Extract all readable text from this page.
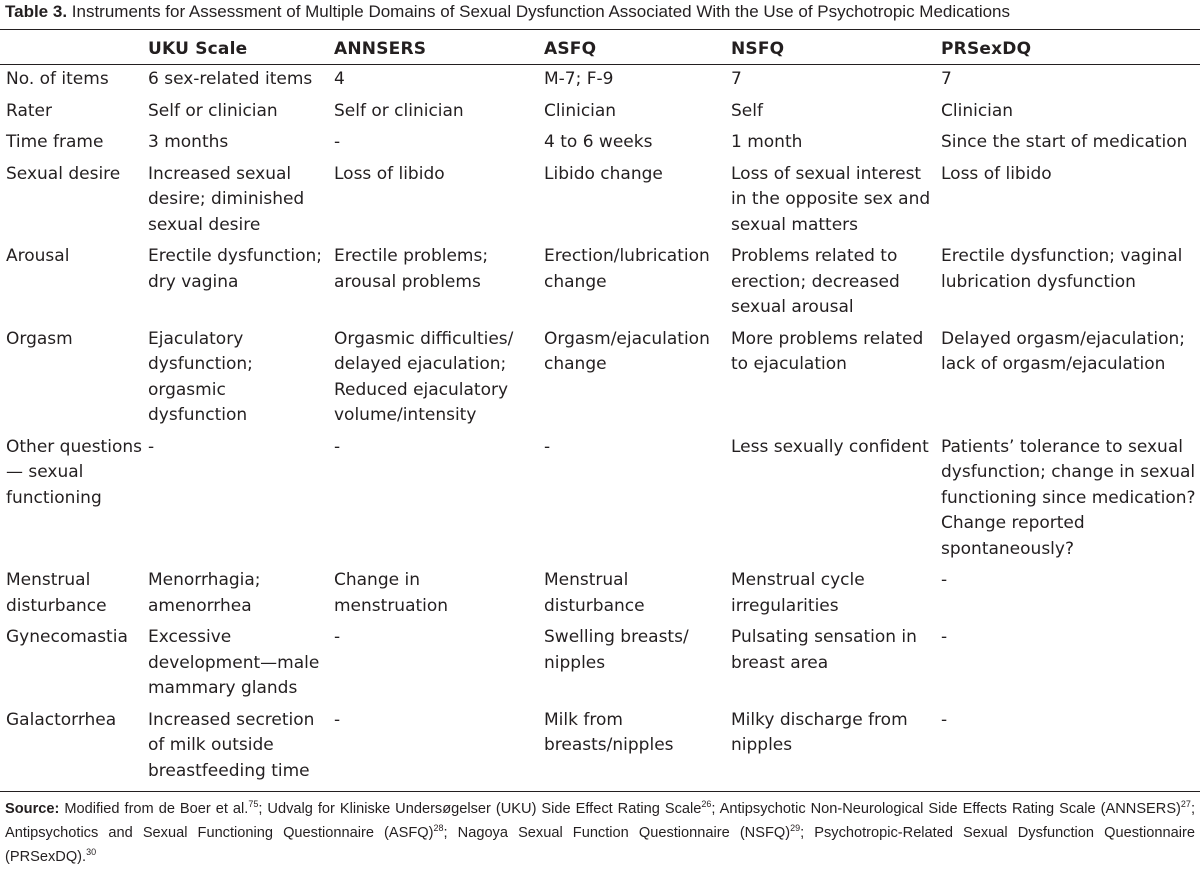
Table 3. Instruments for Assessment of Multiple Domains of Sexual Dysfunction Associated With the Use of Psychotropic Medications
	UKU Scale	ANNSERS	ASFQ	NSFQ	PRSexDQ
No. of items	6 sex-related items	4	M-7; F-9	7	7
Rater	Self or clinician	Self or clinician	Clinician	Self	Clinician
Time frame	3 months	-	4 to 6 weeks	1 month	Since the start of medication
Sexual desire	Increased sexual desire; diminished sexual desire	Loss of libido	Libido change	Loss of sexual interest in the opposite sex and sexual matters	Loss of libido
Arousal	Erectile dysfunction; dry vagina	Erectile problems; arousal problems	Erection/lubrication change	Problems related to erection; decreased sexual arousal	Erectile dysfunction; vaginal lubrication dysfunction
Orgasm	Ejaculatory dysfunction; orgasmic dysfunction	Orgasmic difficulties/ delayed ejaculation; Reduced ejaculatory volume/intensity	Orgasm/ejaculation change	More problems related to ejaculation	Delayed orgasm/ejaculation; lack of orgasm/ejaculation
Other questions— sexual functioning	-	-	-	Less sexually confident	Patients’ tolerance to sexual dysfunction; change in sexual functioning since medication? Change reported spontaneously?
Menstrual disturbance	Menorrhagia; amenorrhea	Change in menstruation	Menstrual disturbance	Menstrual cycle irregularities	-
Gynecomastia	Excessive development—male mammary glands	-	Swelling breasts/ nipples	Pulsating sensation in breast area	-
Galactorrhea	Increased secretion of milk outside breastfeeding time	-	Milk from breasts/nipples	Milky discharge from nipples	-
Source: Modified from de Boer et al.$^{75}$; Udvalg for Kliniske Undersøgelser (UKU) Side Effect Rating Scale$^{26}$; Antipsychotic Non-Neurological Side Effects Rating Scale (ANNSERS)$^{27}$; Antipsychotics and Sexual Functioning Questionnaire (ASFQ)$^{28}$; Nagoya Sexual Function Questionnaire (NSFQ)$^{29}$; Psychotropic-Related Sexual Dysfunction Questionnaire (PRSexDQ).$^{30}$
